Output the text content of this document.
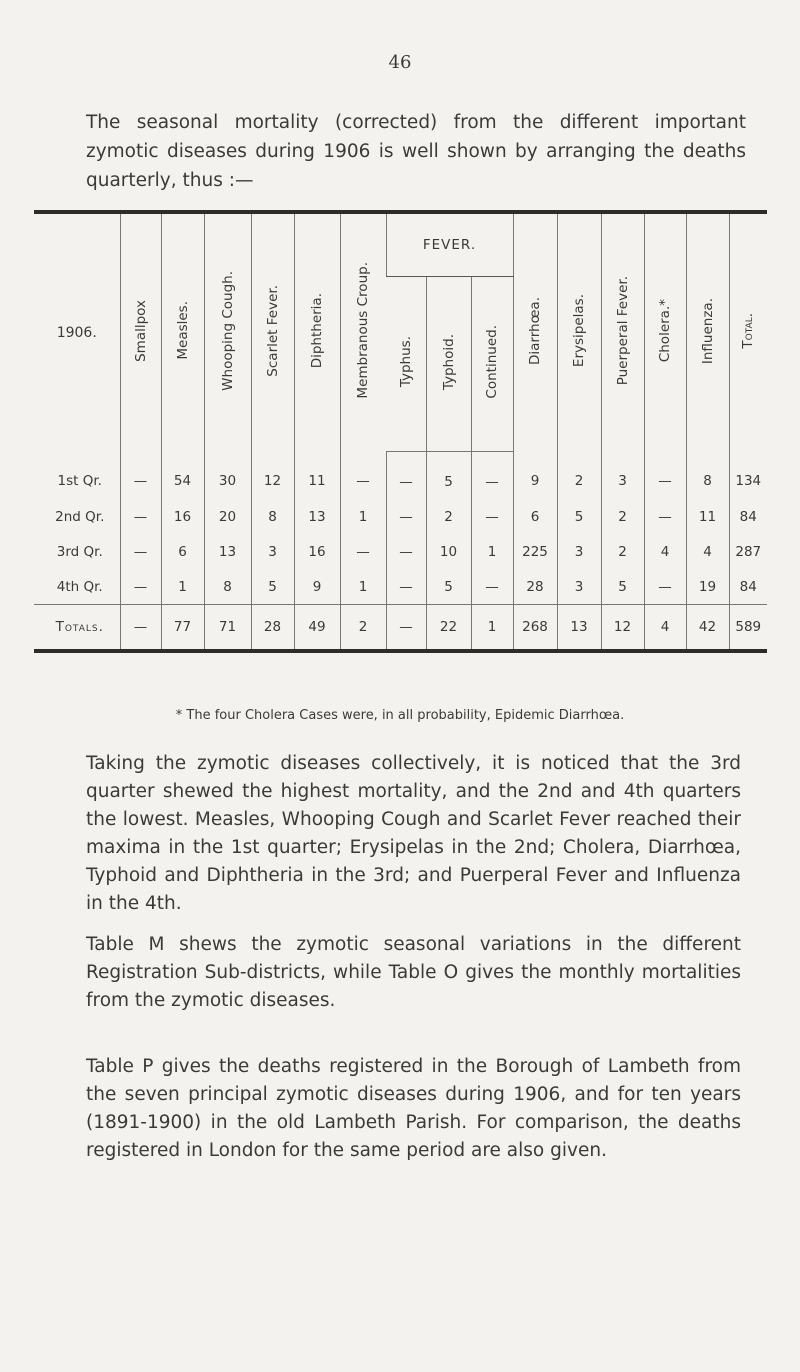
46

The seasonal mortality (corrected) from the different important zymotic diseases during 1906 is well shown by arranging the deaths quarterly, thus :—

1906.	Smallpox	Measles.	Whooping Cough.	Scarlet Fever.	Diphtheria.	Membranous Croup.	FEVER.			Diarrhœa.	Erysipelas.	Puerperal Fever.	Cholera.*	Influenza.	Total.
							Typhus.	Typhoid.	Continued.						
1st Qr.	—	54	30	12	11	—	—	5	—	9	2	3	—	8	134
2nd Qr.	—	16	20	8	13	1	—	2	—	6	5	2	—	11	84
3rd Qr.	—	6	13	3	16	—	—	10	1	225	3	2	4	4	287
4th Qr.	—	1	8	5	9	1	—	5	—	28	3	5	—	19	84
Totals.	—	77	71	28	49	2	—	22	1	268	13	12	4	42	589
* The four Cholera Cases were, in all probability, Epidemic Diarrhœa.

Taking the zymotic diseases collectively, it is noticed that the 3rd quarter shewed the highest mortality, and the 2nd and 4th quarters the lowest. Measles, Whooping Cough and Scarlet Fever reached their maxima in the 1st quarter; Erysipelas in the 2nd; Cholera, Diarrhœa, Typhoid and Diphtheria in the 3rd; and Puerperal Fever and Influenza in the 4th.

Table M shews the zymotic seasonal variations in the different Registration Sub-districts, while Table O gives the monthly mortalities from the zymotic diseases.

Table P gives the deaths registered in the Borough of Lambeth from the seven principal zymotic diseases during 1906, and for ten years (1891-1900) in the old Lambeth Parish. For comparison, the deaths registered in London for the same period are also given.
